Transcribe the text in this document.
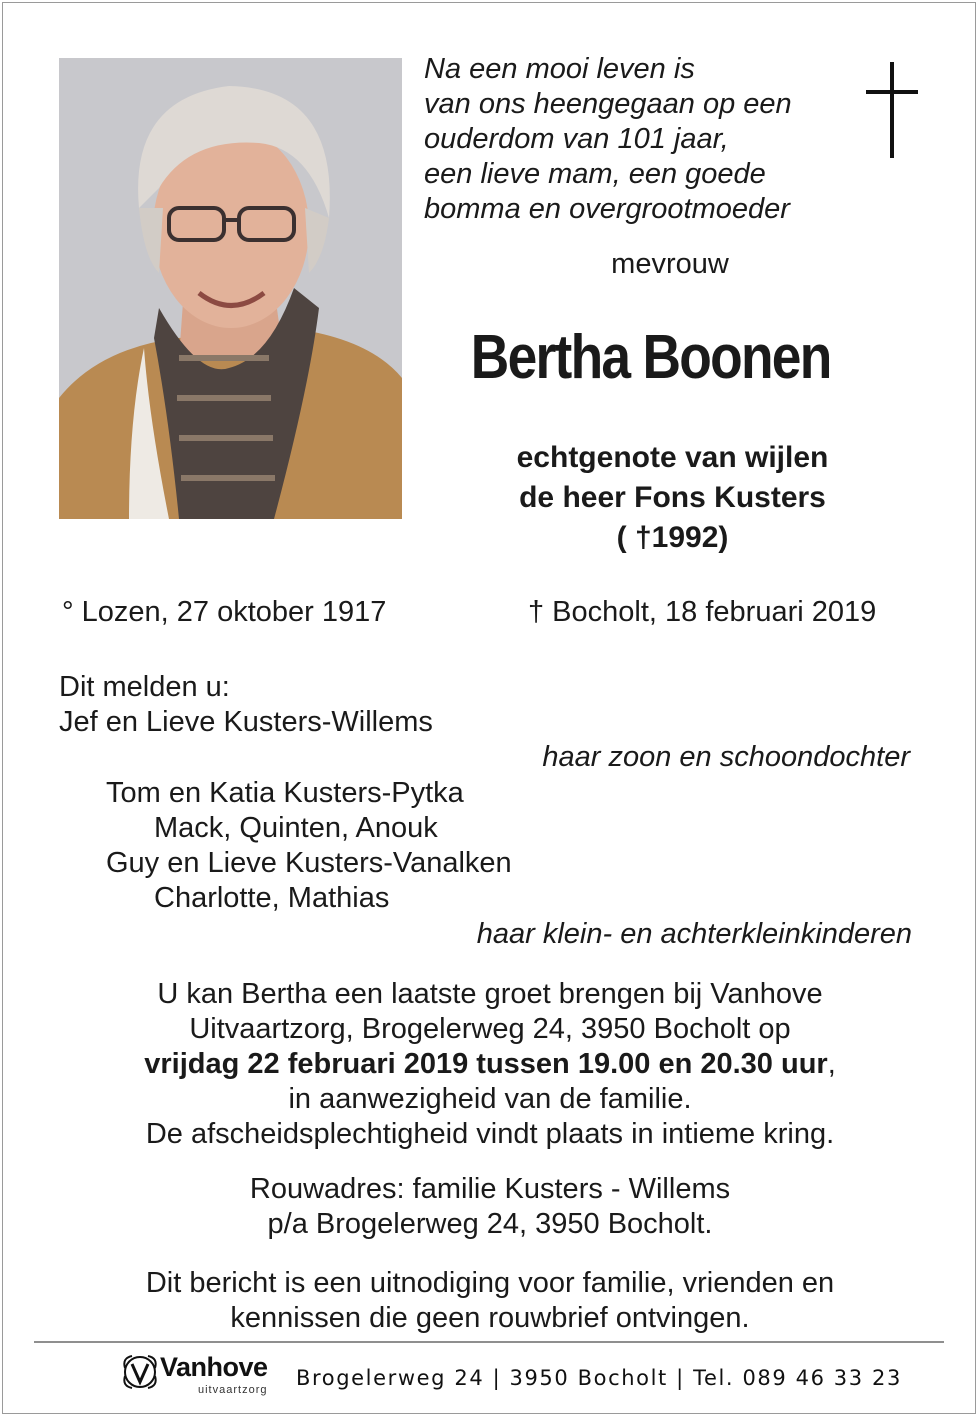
Na een mooi leven is
van ons heengegaan op een
ouderdom van 101 jaar,
een lieve mam, een goede
bomma en overgrootmoeder
mevrouw
Bertha Boonen
echtgenote van wijlen
de heer Fons Kusters
( †1992)
° Lozen, 27 oktober 1917	† Bocholt, 18 februari 2019
Dit melden u:
Jef en Lieve Kusters-Willems
haar zoon en schoondochter
Tom en Katia Kusters-Pytka
Mack, Quinten, Anouk
Guy en Lieve Kusters-Vanalken
Charlotte, Mathias
haar klein- en achterkleinkinderen
U kan Bertha een laatste groet brengen bij Vanhove
Uitvaartzorg, Brogelerweg 24, 3950 Bocholt op
vrijdag 22 februari 2019 tussen 19.00 en 20.30 uur,
in aanwezigheid van de familie.
De afscheidsplechtigheid vindt plaats in intieme kring.
Rouwadres: familie Kusters - Willems
p/a Brogelerweg 24, 3950 Bocholt.
Dit bericht is een uitnodiging voor familie, vrienden en
kennissen die geen rouwbrief ontvingen.
Vanhove
uitvaartzorg Brogelerweg 24 | 3950 Bocholt | Tel. 089 46 33 23
